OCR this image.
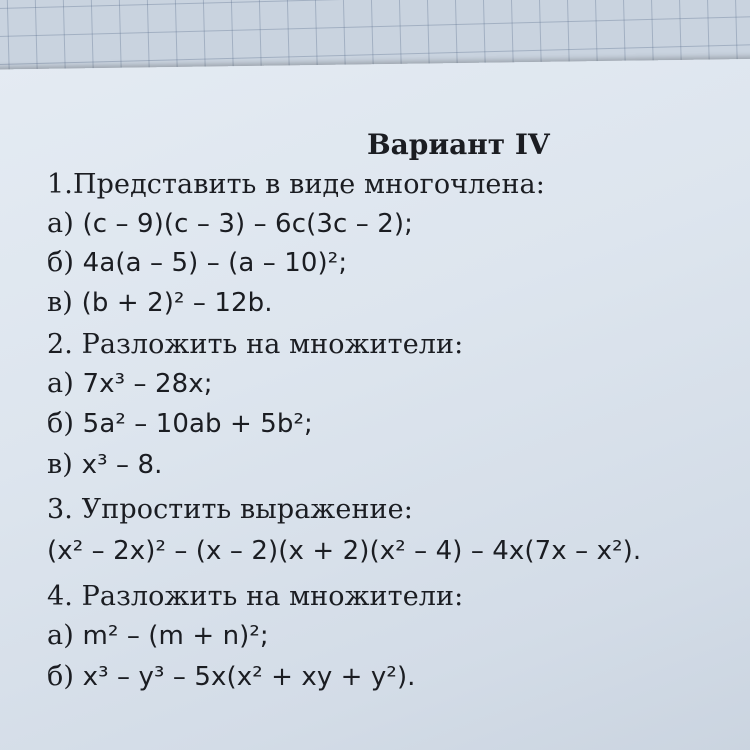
Вариант IV
1.Представить в виде многочлена:
а) (c – 9)(c – 3) – 6c(3c – 2);
б) 4a(a – 5) – (a – 10)²;
в) (b + 2)² – 12b.
2. Разложить на множители:
а) 7x³ – 28x;
б) 5a² – 10ab + 5b²;
в) x³ – 8.
3. Упростить выражение:
(x² – 2x)² – (x – 2)(x + 2)(x² – 4) – 4x(7x – x²).
4. Разложить на множители:
а) m² – (m + n)²;
б) x³ – y³ – 5x(x² + xy + y²).
